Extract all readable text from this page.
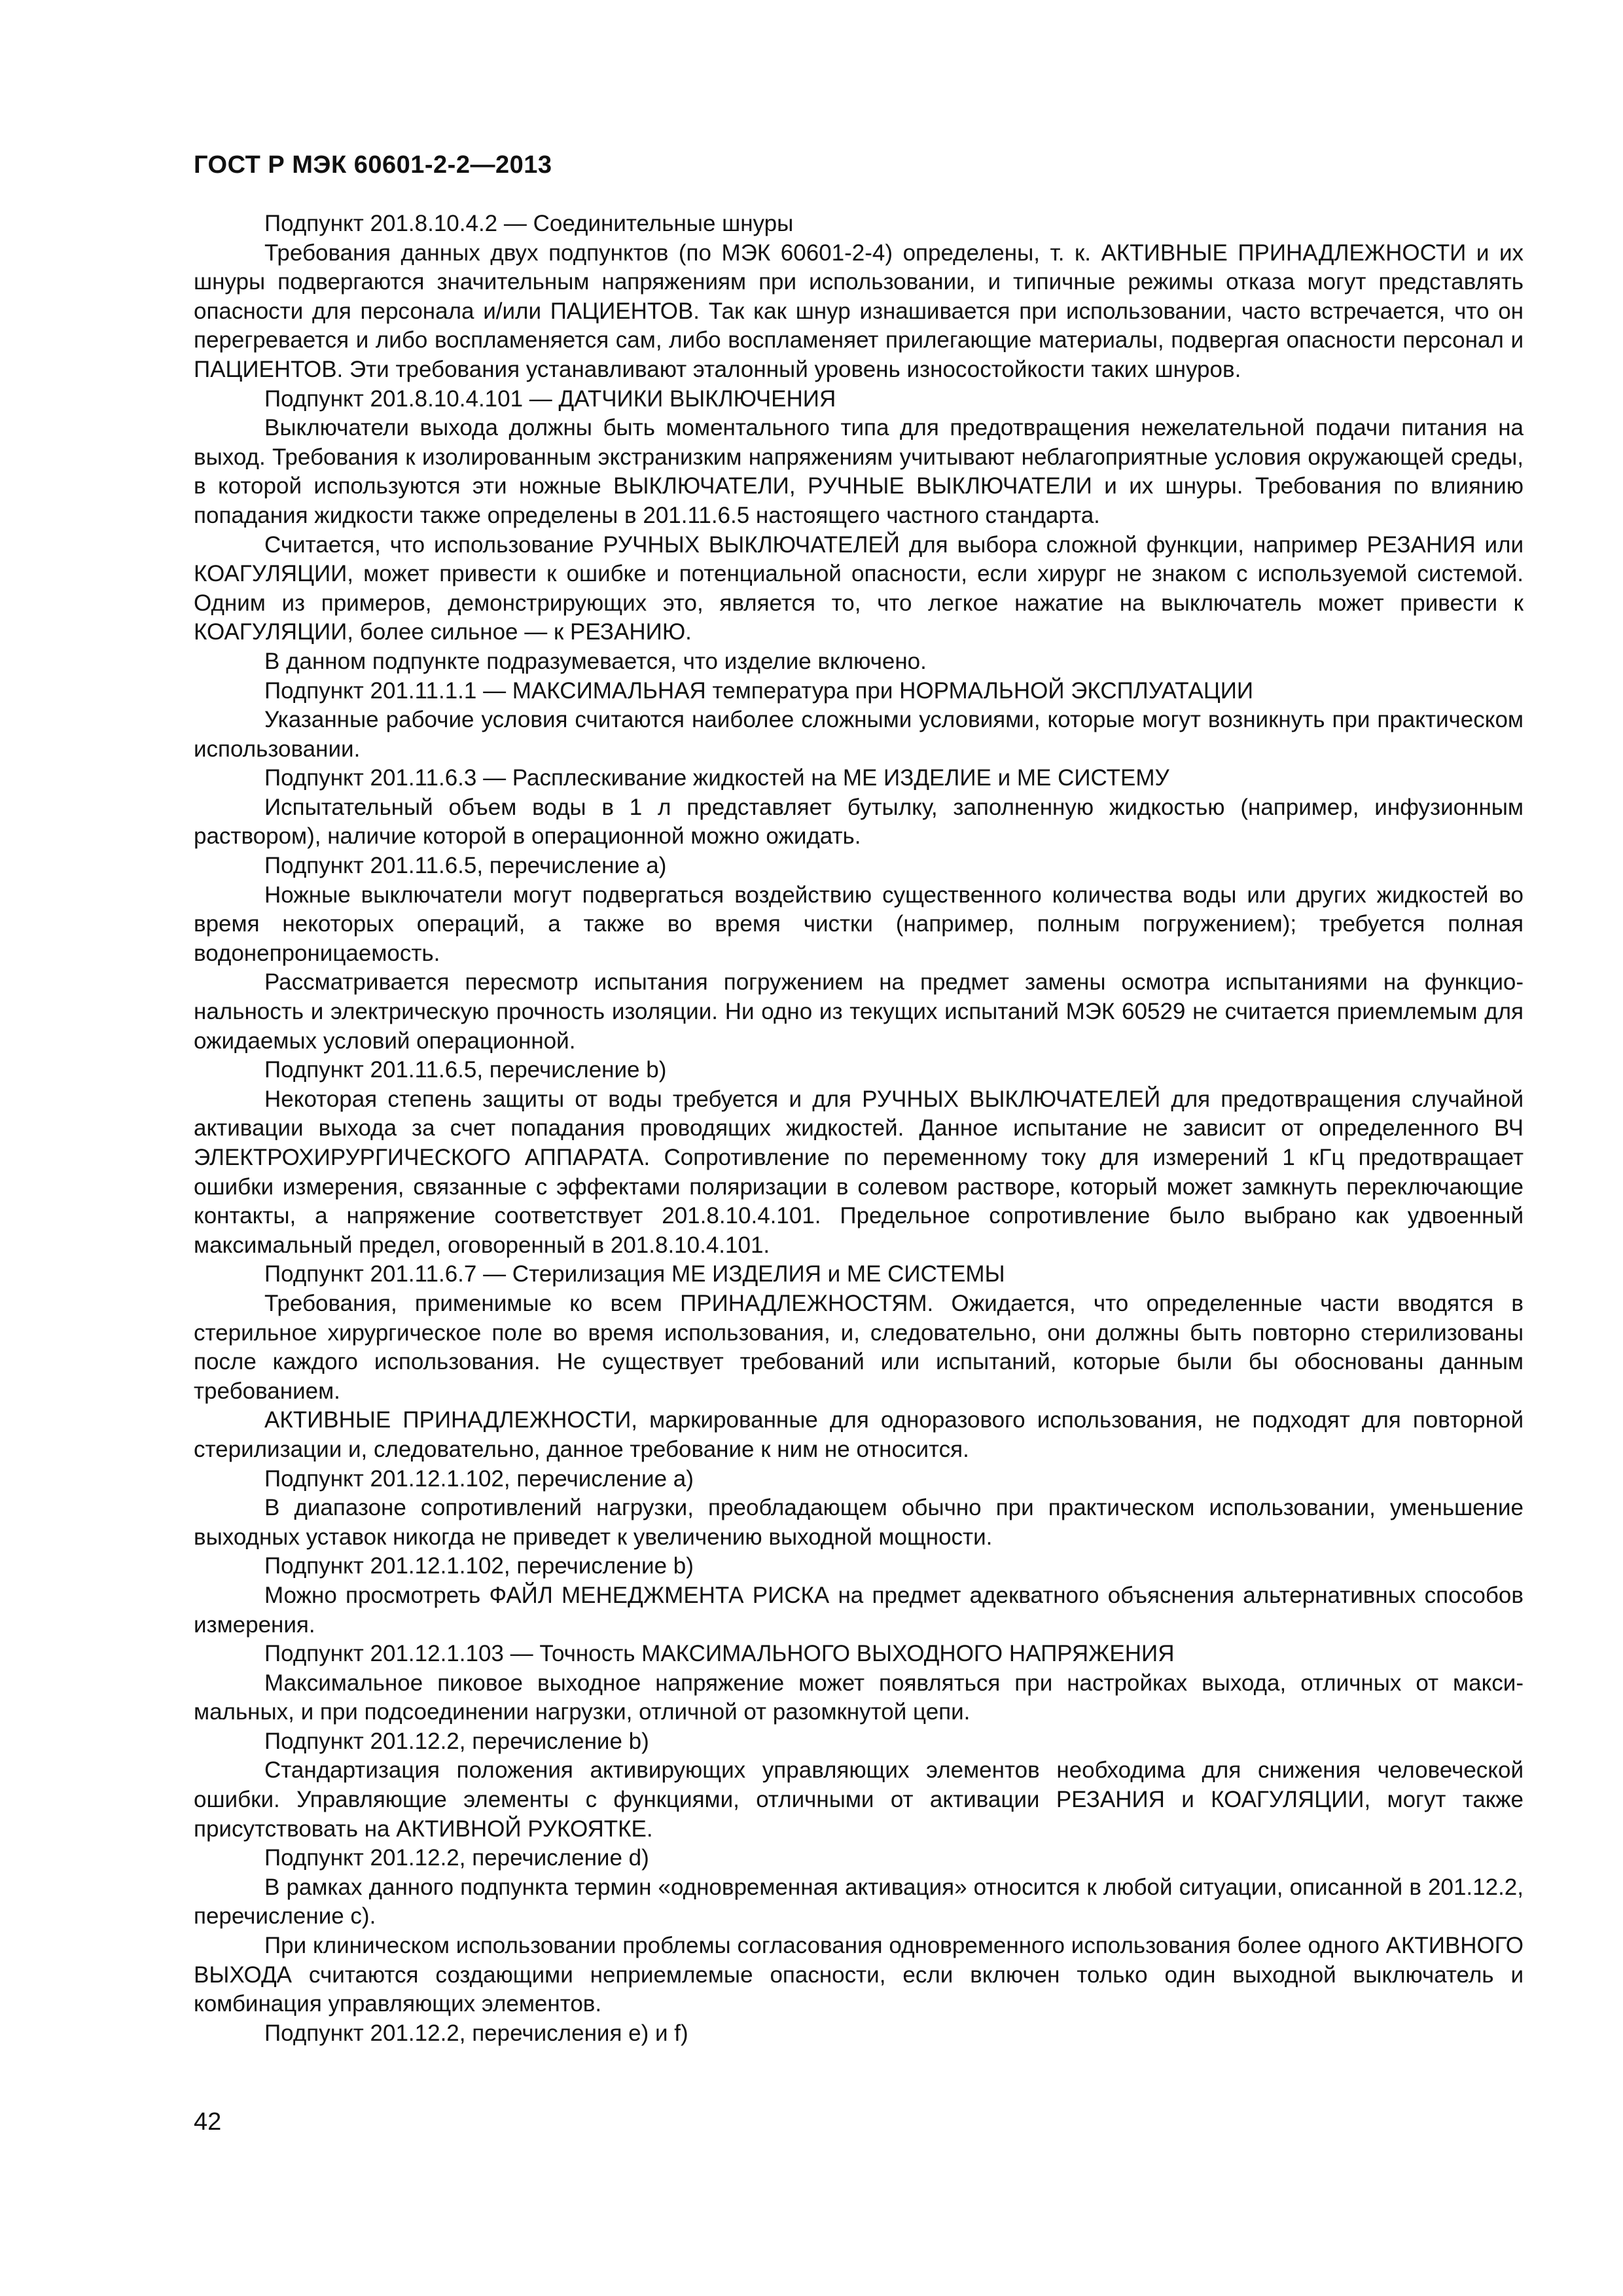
ГОСТ Р МЭК 60601-2-2—2013

Подпункт 201.8.10.4.2 — Соединительные шнуры

Требования данных двух подпунктов (по МЭК 60601-2-4) определены, т. к. АКТИВНЫЕ ПРИНАДЛЕЖНОСТИ и их шнуры подвергаются значительным напряжениям при использовании, и типичные режимы отказа могут представлять опасности для персонала и/или ПАЦИЕНТОВ. Так как шнур изнашивается при использовании, часто встречается, что он перегревается и либо воспламеняется сам, либо воспламеняет прилегающие материалы, подвергая опасности персонал и ПАЦИЕНТОВ. Эти требования устанавливают эталонный уровень износостойкости таких шнуров.

Подпункт 201.8.10.4.101 — ДАТЧИКИ ВЫКЛЮЧЕНИЯ

Выключатели выхода должны быть моментального типа для предотвращения нежелательной подачи питания на выход. Требования к изолированным экстранизким напряжениям учитывают неблагоприятные условия окружающей среды, в которой используются эти ножные ВЫКЛЮЧАТЕЛИ, РУЧНЫЕ ВЫКЛЮЧАТЕЛИ и их шнуры. Требования по влиянию попадания жидкости также определены в 201.11.6.5 настоящего частного стандарта.

Считается, что использование РУЧНЫХ ВЫКЛЮЧАТЕЛЕЙ для выбора сложной функции, например РЕЗАНИЯ или КОАГУЛЯЦИИ, может привести к ошибке и потенциальной опасности, если хирург не знаком с используемой системой. Одним из примеров, демонстрирующих это, является то, что легкое нажатие на выключатель может привести к КОАГУЛЯЦИИ, более сильное — к РЕЗАНИЮ.

В данном подпункте подразумевается, что изделие включено.

Подпункт 201.11.1.1 — МАКСИМАЛЬНАЯ температура при НОРМАЛЬНОЙ ЭКСПЛУАТАЦИИ

Указанные рабочие условия считаются наиболее сложными условиями, которые могут возникнуть при практическом использовании.

Подпункт 201.11.6.3 — Расплескивание жидкостей на МЕ ИЗДЕЛИЕ и МЕ СИСТЕМУ

Испытательный объем воды в 1 л представляет бутылку, заполненную жидкостью (например, инфузионным раствором), наличие которой в операционной можно ожидать.

Подпункт 201.11.6.5, перечисление a)

Ножные выключатели могут подвергаться воздействию существенного количества воды или других жидкостей во время некоторых операций, а также во время чистки (например, полным погружением); требуется полная водонепроницаемость.

Рассматривается пересмотр испытания погружением на предмет замены осмотра испытаниями на функциональность и электрическую прочность изоляции. Ни одно из текущих испытаний МЭК 60529 не считается приемлемым для ожидаемых условий операционной.

Подпункт 201.11.6.5, перечисление b)

Некоторая степень защиты от воды требуется и для РУЧНЫХ ВЫКЛЮЧАТЕЛЕЙ для предотвращения случайной активации выхода за счет попадания проводящих жидкостей. Данное испытание не зависит от определенного ВЧ ЭЛЕКТРОХИРУРГИЧЕСКОГО АППАРАТА. Сопротивление по переменному току для измерений 1 кГц предотвращает ошибки измерения, связанные с эффектами поляризации в солевом растворе, который может замкнуть переключающие контакты, а напряжение соответствует 201.8.10.4.101. Предельное сопротивление было выбрано как удвоенный максимальный предел, оговоренный в 201.8.10.4.101.

Подпункт 201.11.6.7 — Стерилизация МЕ ИЗДЕЛИЯ и МЕ СИСТЕМЫ

Требования, применимые ко всем ПРИНАДЛЕЖНОСТЯМ. Ожидается, что определенные части вводятся в стерильное хирургическое поле во время использования, и, следовательно, они должны быть повторно стерилизованы после каждого использования. Не существует требований или испытаний, которые были бы обоснованы данным требованием.

АКТИВНЫЕ ПРИНАДЛЕЖНОСТИ, маркированные для одноразового использования, не подходят для повторной стерилизации и, следовательно, данное требование к ним не относится.

Подпункт 201.12.1.102, перечисление a)

В диапазоне сопротивлений нагрузки, преобладающем обычно при практическом использовании, уменьшение выходных уставок никогда не приведет к увеличению выходной мощности.

Подпункт 201.12.1.102, перечисление b)

Можно просмотреть ФАЙЛ МЕНЕДЖМЕНТА РИСКА на предмет адекватного объяснения альтернативных способов измерения.

Подпункт 201.12.1.103 — Точность МАКСИМАЛЬНОГО ВЫХОДНОГО НАПРЯЖЕНИЯ

Максимальное пиковое выходное напряжение может появляться при настройках выхода, отличных от максимальных, и при подсоединении нагрузки, отличной от разомкнутой цепи.

Подпункт 201.12.2, перечисление b)

Стандартизация положения активирующих управляющих элементов необходима для снижения человеческой ошибки. Управляющие элементы с функциями, отличными от активации РЕЗАНИЯ и КОАГУЛЯЦИИ, могут также присутствовать на АКТИВНОЙ РУКОЯТКЕ.

Подпункт 201.12.2, перечисление d)

В рамках данного подпункта термин «одновременная активация» относится к любой ситуации, описанной в 201.12.2, перечисление c).

При клиническом использовании проблемы согласования одновременного использования более одного АКТИВНОГО ВЫХОДА считаются создающими неприемлемые опасности, если включен только один выходной выключатель и комбинация управляющих элементов.

Подпункт 201.12.2, перечисления e) и f)

42
